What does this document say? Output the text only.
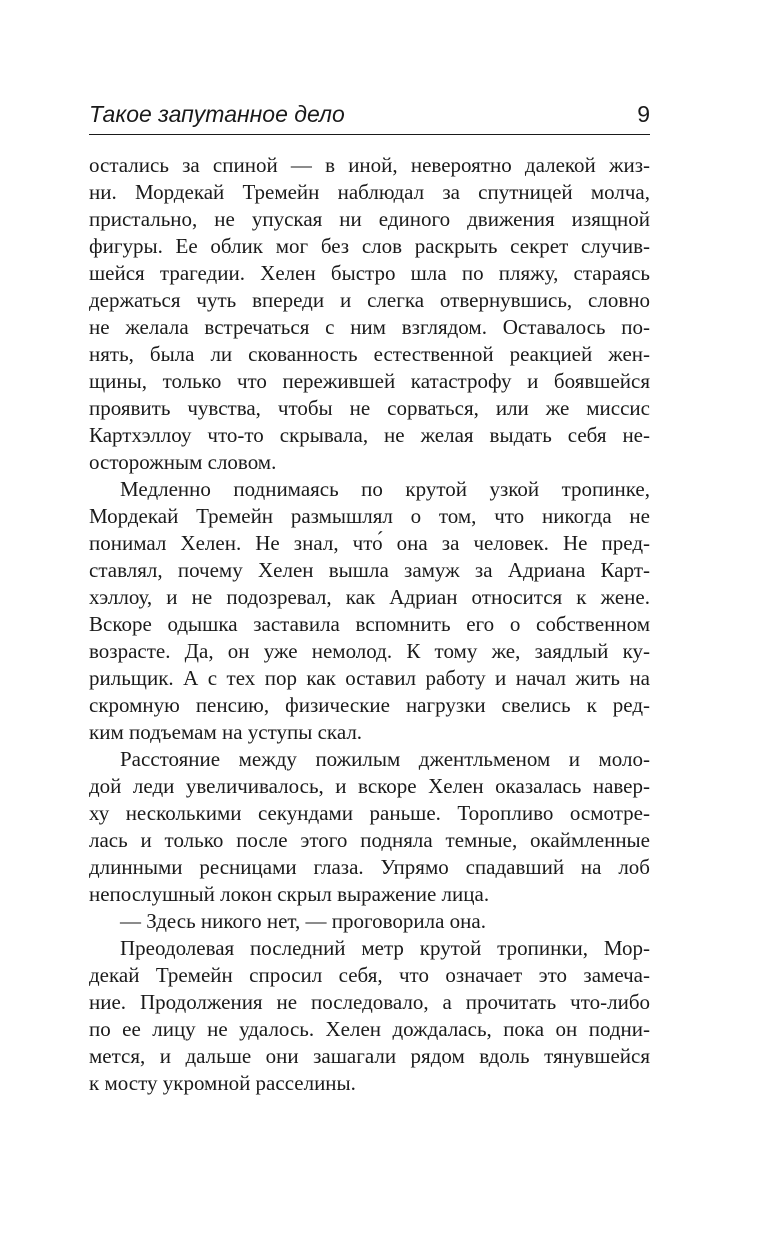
Такое запутанное дело	9
остались за спиной — в иной, невероятно далекой жиз-
ни. Мордекай Тремейн наблюдал за спутницей молча,
пристально, не упуская ни единого движения изящной
фигуры. Ее облик мог без слов раскрыть секрет случив-
шейся трагедии. Хелен быстро шла по пляжу, стараясь
держаться чуть впереди и слегка отвернувшись, словно
не желала встречаться с ним взглядом. Оставалось по-
нять, была ли скованность естественной реакцией жен-
щины, только что пережившей катастрофу и боявшейся
проявить чувства, чтобы не сорваться, или же миссис
Картхэллоу что-то скрывала, не желая выдать себя не-
осторожным словом.
Медленно поднимаясь по крутой узкой тропинке,
Мордекай Тремейн размышлял о том, что никогда не
понимал Хелен. Не знал, что́ она за человек. Не пред-
ставлял, почему Хелен вышла замуж за Адриана Карт-
хэллоу, и не подозревал, как Адриан относится к жене.
Вскоре одышка заставила вспомнить его о собственном
возрасте. Да, он уже немолод. К тому же, заядлый ку-
рильщик. А с тех пор как оставил работу и начал жить на
скромную пенсию, физические нагрузки свелись к ред-
ким подъемам на уступы скал.
Расстояние между пожилым джентльменом и моло-
дой леди увеличивалось, и вскоре Хелен оказалась навер-
ху несколькими секундами раньше. Торопливо осмотре-
лась и только после этого подняла темные, окаймленные
длинными ресницами глаза. Упрямо спадавший на лоб
непослушный локон скрыл выражение лица.
— Здесь никого нет, — проговорила она.
Преодолевая последний метр крутой тропинки, Мор-
декай Тремейн спросил себя, что означает это замеча-
ние. Продолжения не последовало, а прочитать что-либо
по ее лицу не удалось. Хелен дождалась, пока он подни-
мется, и дальше они зашагали рядом вдоль тянувшейся
к мосту укромной расселины.
